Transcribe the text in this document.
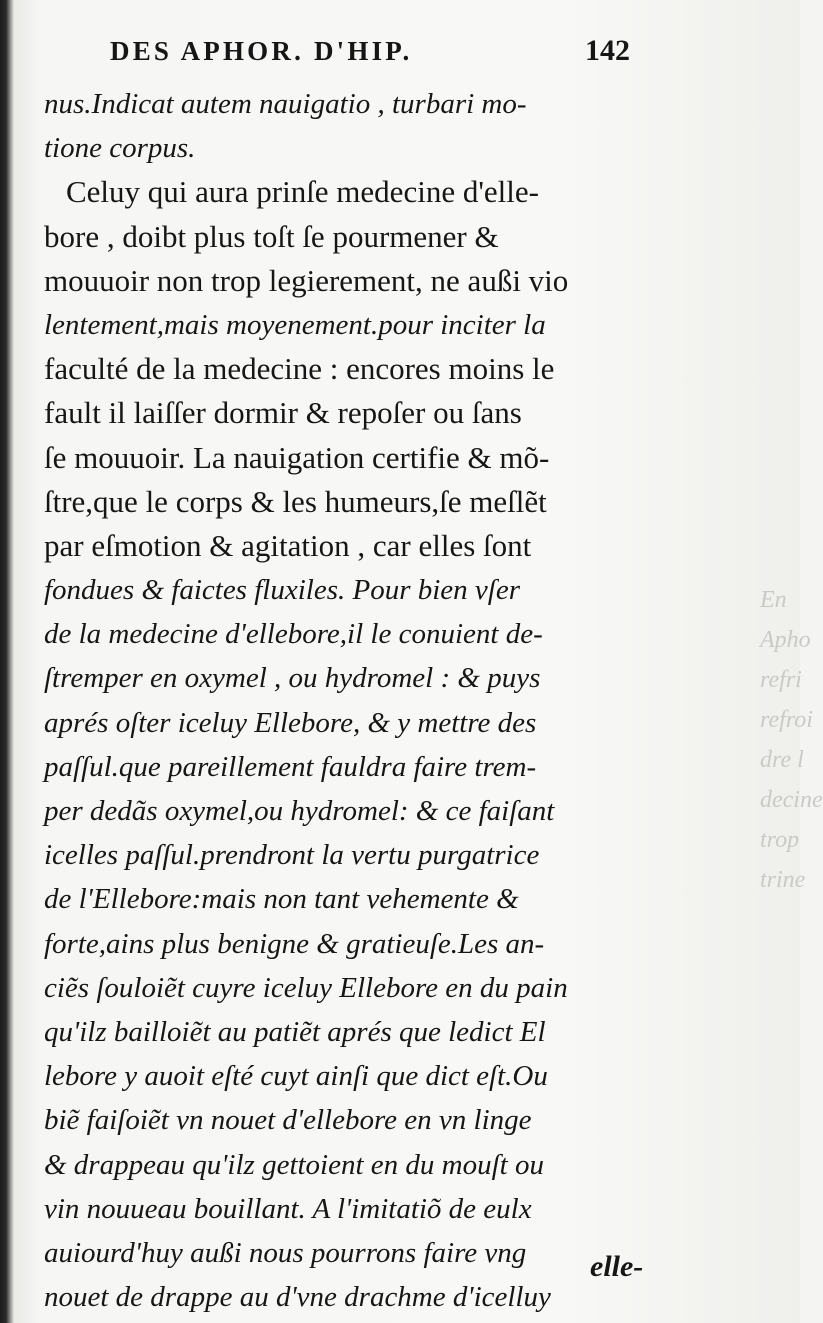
En
Apho
refri
refroi
dre l
decine
trop
trine
DES APHOR. D'HIP.	142
nus.Indicat autem nauigatio , turbari mo-
tione corpus.
Celuy qui aura prinſe medecine d'elle-
bore , doibt plus toſt ſe pourmener &
mouuoir non trop legierement, ne außi vio
lentement,mais moyenement.pour inciter la
faculté de la medecine : encores moins le
fault il laiſſer dormir & repoſer ou ſans
ſe mouuoir. La nauigation certifie & mõ-
ſtre,que le corps & les humeurs,ſe meſlẽt
par eſmotion & agitation , car elles ſont
fondues & faictes fluxiles. Pour bien vſer
de la medecine d'ellebore,il le conuient de-
ſtremper en oxymel , ou hydromel : & puys
aprés oſter iceluy Ellebore, & y mettre des
paſſul.que pareillement fauldra faire trem-
per dedãs oxymel,ou hydromel: & ce faiſant
icelles paſſul.prendront la vertu purgatrice
de l'Ellebore:mais non tant vehemente &
forte,ains plus benigne & gratieuſe.Les an-
ciẽs ſouloiẽt cuyre iceluy Ellebore en du pain
qu'ilz bailloiẽt au patiẽt aprés que ledict El
lebore y auoit eſté cuyt ainſi que dict eſt.Ou
biẽ faiſoiẽt vn nouet d'ellebore en vn linge
& drappeau qu'ilz gettoient en du mouſt ou
vin nouueau bouillant. A l'imitatiõ de eulx
auiourd'huy außi nous pourrons faire vng
nouet de drappe au d'vne drachme d'icelluy
elle-
